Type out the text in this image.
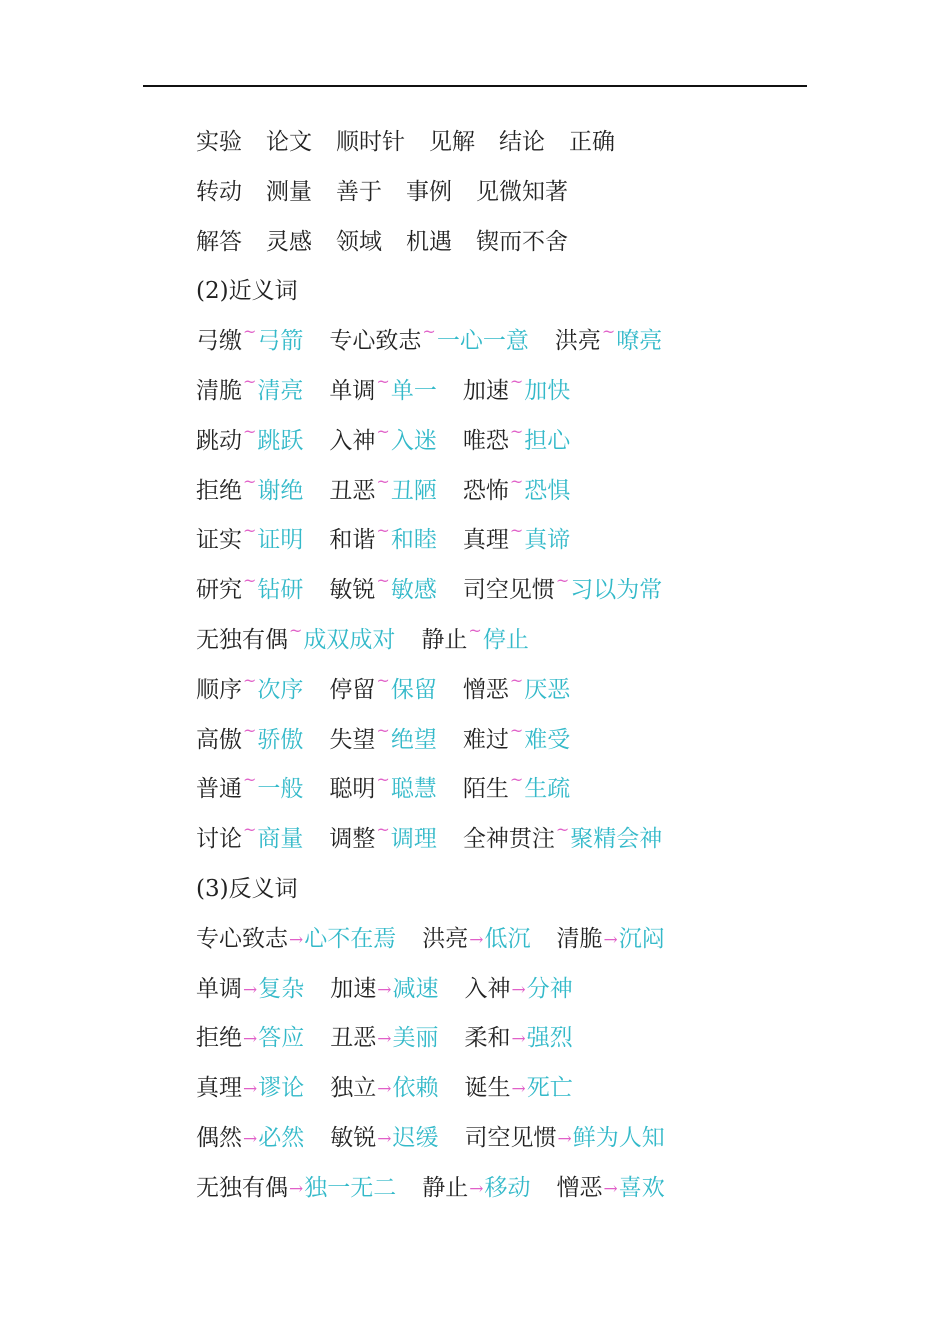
实验 论文 顺时针 见解 结论 正确
转动 测量 善于 事例 见微知著
解答 灵感 领域 机遇 锲而不舍
(2)近义词
弓缴~弓箭 专心致志~一心一意 洪亮~嘹亮
清脆~清亮 单调~单一 加速~加快
跳动~跳跃 入神~入迷 唯恐~担心
拒绝~谢绝 丑恶~丑陋 恐怖~恐惧
证实~证明 和谐~和睦 真理~真谛
研究~钻研 敏锐~敏感 司空见惯~习以为常
无独有偶~成双成对 静止~停止
顺序~次序 停留~保留 憎恶~厌恶
高傲~骄傲 失望~绝望 难过~难受
普通~一般 聪明~聪慧 陌生~生疏
讨论~商量 调整~调理 全神贯注~聚精会神
(3)反义词
专心致志→心不在焉 洪亮→低沉 清脆→沉闷
单调→复杂 加速→减速 入神→分神
拒绝→答应 丑恶→美丽 柔和→强烈
真理→谬论 独立→依赖 诞生→死亡
偶然→必然 敏锐→迟缓 司空见惯→鲜为人知
无独有偶→独一无二 静止→移动 憎恶→喜欢
